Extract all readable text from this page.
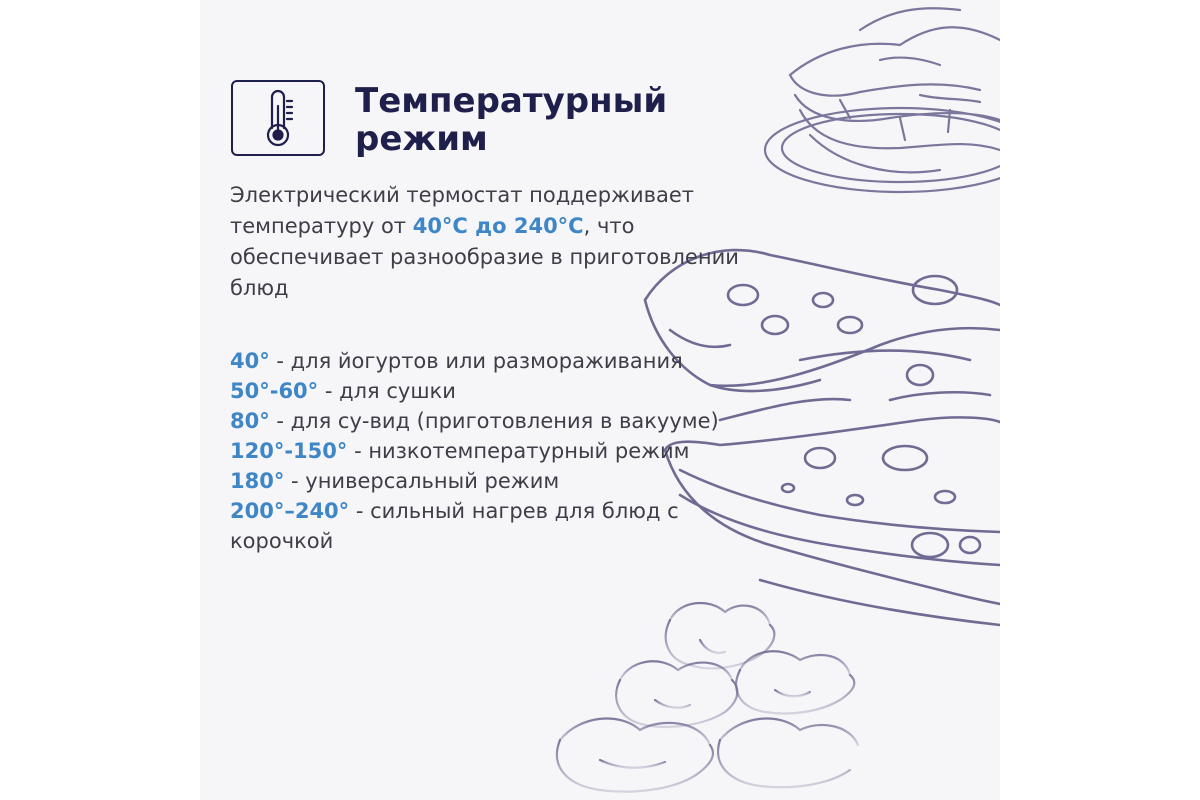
Температурный
режим

Электрический термостат поддерживает температуру от 40°C до 240°C, что обеспечивает разнообразие в приготовлении блюд

40° - для йогуртов или размораживания
50°-60° - для сушки
80° - для су-вид (приготовления в вакууме)
120°-150° - низкотемпературный режим
180° - универсальный режим
200°–240° - сильный нагрев для блюд с корочкой
